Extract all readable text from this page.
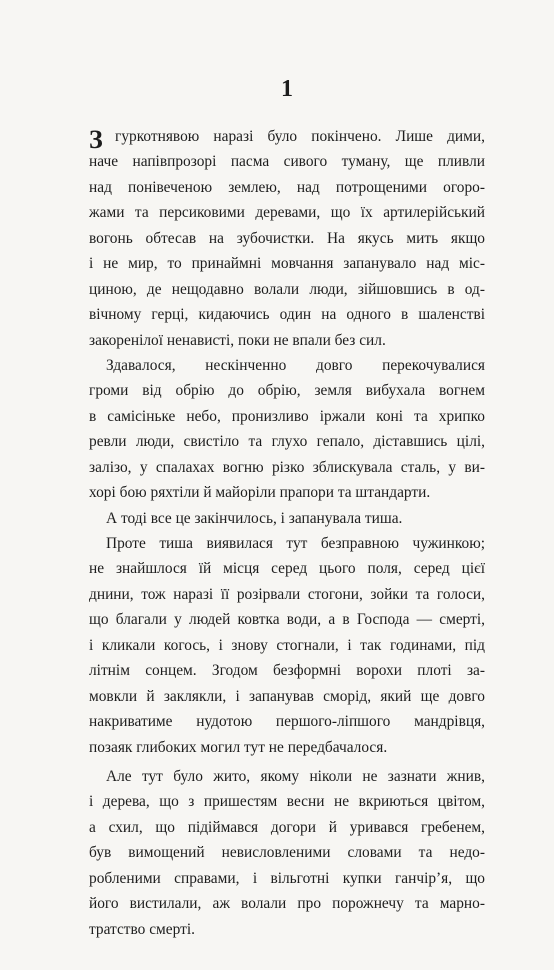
1
З гуркотнявою наразі було покінчено. Лише дими,
наче напівпрозорі пасма сивого туману, ще пливли
над понівеченою землею, над потрощеними огоро-
жами та персиковими деревами, що їх артилерійський
вогонь обтесав на зубочистки. На якусь мить якщо
і не мир, то принаймні мовчання запанувало над міс-
циною, де нещодавно волали люди, зійшовшись в од-
вічному герці, кидаючись один на одного в шаленстві
закоренілої ненависті, поки не впали без сил.
Здавалося, нескінченно довго перекочувалися
громи від обрію до обрію, земля вибухала вогнем
в самісіньке небо, пронизливо іржали коні та хрипко
ревли люди, свистіло та глухо гепало, діставшись цілі,
залізо, у спалахах вогню різко зблискувала сталь, у ви-
хорі бою ряхтіли й майоріли прапори та штандарти.
А тоді все це закінчилось, і запанувала тиша.
Проте тиша виявилася тут безправною чужинкою;
не знайшлося їй місця серед цього поля, серед цієї
днини, тож наразі її розірвали стогони, зойки та голоси,
що благали у людей ковтка води, а в Господа — смерті,
і кликали когось, і знову стогнали, і так годинами, під
літнім сонцем. Згодом безформні ворохи плоті за-
мовкли й заклякли, і запанував сморід, який ще довго
накриватиме нудотою першого-ліпшого мандрівця,
позаяк глибоких могил тут не передбачалося.
Але тут було жито, якому ніколи не зазнати жнив,
і дерева, що з пришестям весни не вкриються цвітом,
а схил, що підіймався догори й уривався гребенем,
був вимощений невисловленими словами та недо-
робленими справами, і вільготні купки ганчір’я, що
його вистилали, аж волали про порожнечу та марно-
тратство смерті.
